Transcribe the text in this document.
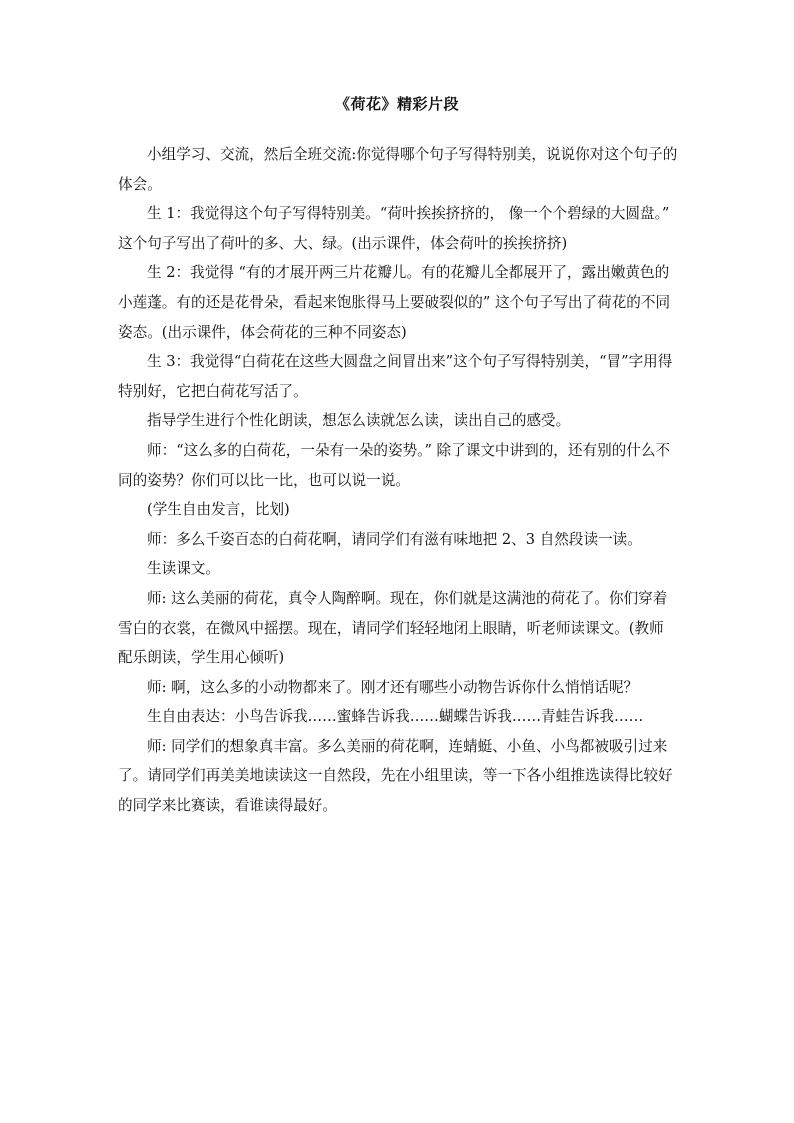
《荷花》精彩片段

小组学习、交流，然后全班交流:你觉得哪个句子写得特别美，说说你对这个句子的体会。

生 1：我觉得这个句子写得特别美。“荷叶挨挨挤挤的， 像一个个碧绿的大圆盘。” 这个句子写出了荷叶的多、大、绿。(出示课件，体会荷叶的挨挨挤挤)

生 2：我觉得 “有的才展开两三片花瓣儿。有的花瓣儿全都展开了，露出嫩黄色的小莲蓬。有的还是花骨朵，看起来饱胀得马上要破裂似的” 这个句子写出了荷花的不同姿态。(出示课件，体会荷花的三种不同姿态)

生 3：我觉得“白荷花在这些大圆盘之间冒出来”这个句子写得特别美，“冒”字用得特别好，它把白荷花写活了。

指导学生进行个性化朗读，想怎么读就怎么读，读出自己的感受。

师：“这么多的白荷花，一朵有一朵的姿势。” 除了课文中讲到的，还有别的什么不同的姿势？你们可以比一比，也可以说一说。

(学生自由发言，比划)

师：多么千姿百态的白荷花啊，请同学们有滋有味地把 2、3 自然段读一读。

生读课文。

师: 这么美丽的荷花，真令人陶醉啊。现在，你们就是这满池的荷花了。你们穿着雪白的衣裳，在微风中摇摆。现在，请同学们轻轻地闭上眼睛，听老师读课文。(教师配乐朗读，学生用心倾听)

师: 啊，这么多的小动物都来了。刚才还有哪些小动物告诉你什么悄悄话呢？

生自由表达：小鸟告诉我……蜜蜂告诉我……蝴蝶告诉我……青蛙告诉我……

师: 同学们的想象真丰富。多么美丽的荷花啊，连蜻蜓、小鱼、小鸟都被吸引过来了。请同学们再美美地读读这一自然段，先在小组里读，等一下各小组推选读得比较好的同学来比赛读，看谁读得最好。
